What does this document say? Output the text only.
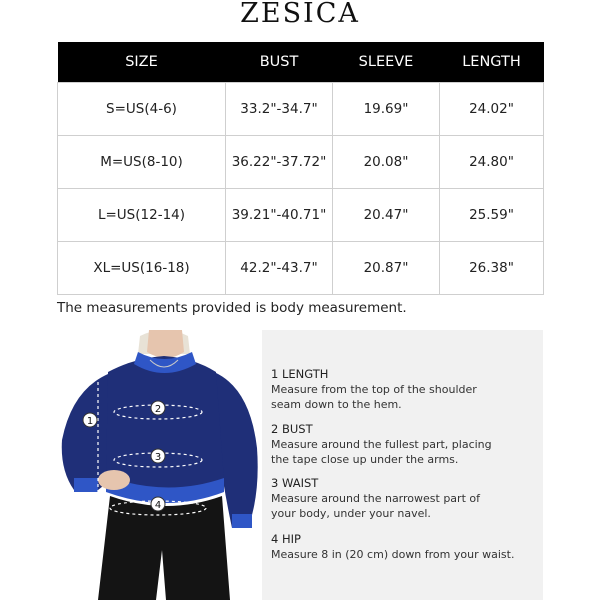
ZESICA
SIZE	BUST	SLEEVE	LENGTH
S=US(4-6)	33.2"-34.7"	19.69"	24.02"
M=US(8-10)	36.22"-37.72"	20.08"	24.80"
L=US(12-14)	39.21"-40.71"	20.47"	25.59"
XL=US(16-18)	42.2"-43.7"	20.87"	26.38"
The measurements provided is body measurement.
1
2
3
4
1 LENGTH
Measure from the top of the shoulder
seam down to the hem.
2 BUST
Measure around the fullest part, placing
the tape close up under the arms.
3 WAIST
Measure around the narrowest part of
your body, under your navel.
4 HIP
Measure 8 in (20 cm) down from your waist.
